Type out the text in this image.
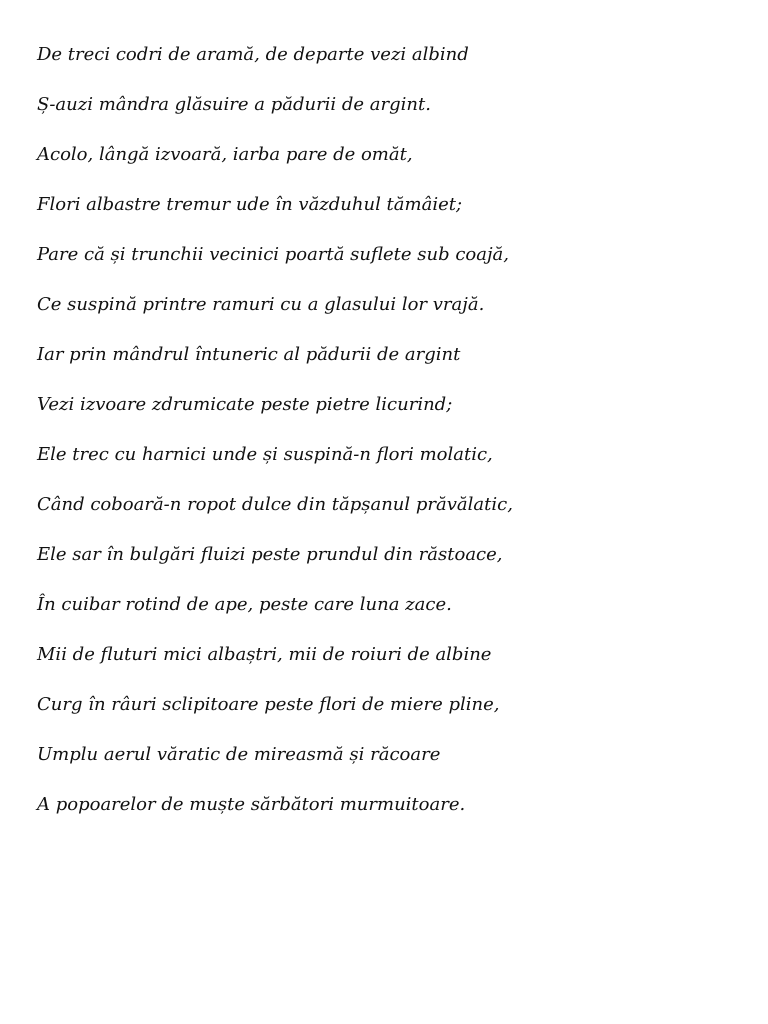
De treci codri de aramă, de departe vezi albind
Ș-auzi mândra glăsuire a pădurii de argint.
Acolo, lângă izvoară, iarba pare de omăt,
Flori albastre tremur ude în văzduhul tămâiet;
Pare că și trunchii vecinici poartă suflete sub coajă,
Ce suspină printre ramuri cu a glasului lor vrajă.
Iar prin mândrul întuneric al pădurii de argint
Vezi izvoare zdrumicate peste pietre licurind;
Ele trec cu harnici unde și suspină-n flori molatic,
Când coboară-n ropot dulce din tăpșanul prăvălatic,
Ele sar în bulgări fluizi peste prundul din răstoace,
În cuibar rotind de ape, peste care luna zace.
Mii de fluturi mici albaștri, mii de roiuri de albine
Curg în râuri sclipitoare peste flori de miere pline,
Umplu aerul văratic de mireasmă și răcoare
A popoarelor de muște sărbători murmuitoare.
